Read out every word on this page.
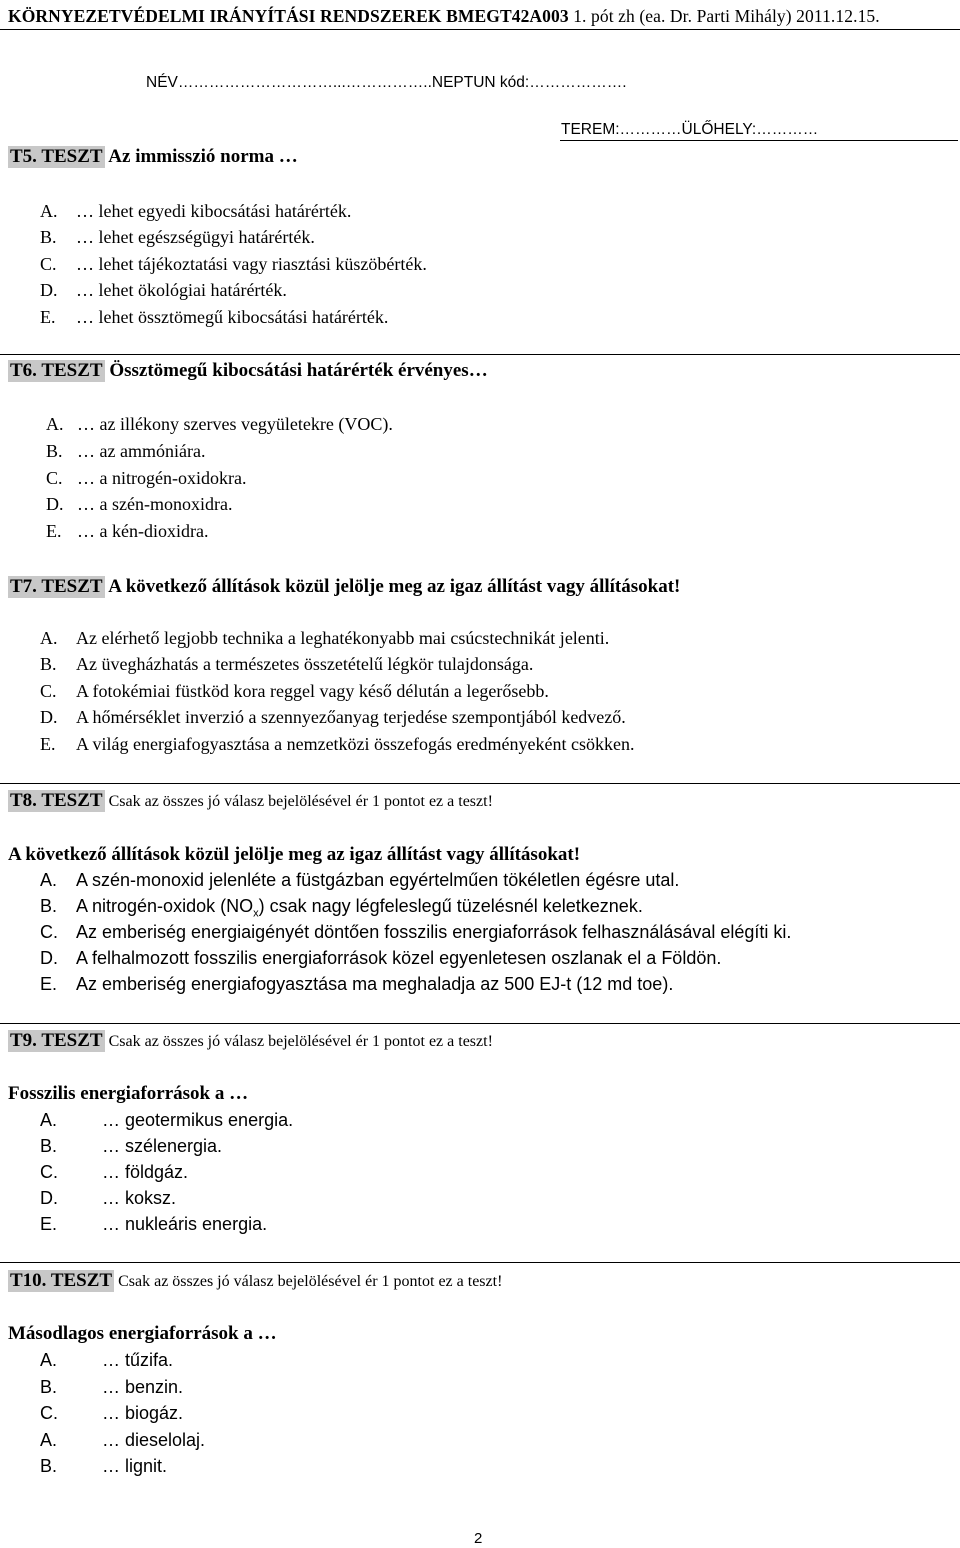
KÖRNYEZETVÉDELMI IRÁNYÍTÁSI RENDSZEREK BMEGT42A003 1. pót zh (ea. Dr. Parti Mihály) 2011.12.15.
NÉV…………………………...……………..NEPTUN kód:……………….
TEREM:…………ÜLŐHELY:…………
T5. TESZT Az immisszió norma …
A. … lehet egyedi kibocsátási határérték.
B. … lehet egészségügyi határérték.
C. … lehet tájékoztatási vagy riasztási küszöbérték.
D. … lehet ökológiai határérték.
E. … lehet össztömegű kibocsátási határérték.
T6. TESZT Össztömegű kibocsátási határérték érvényes…
A. … az illékony szerves vegyületekre (VOC).
B. … az ammóniára.
C. … a nitrogén-oxidokra.
D. … a szén-monoxidra.
E. … a kén-dioxidra.
T7. TESZT A következő állítások közül jelölje meg az igaz állítást vagy állításokat!
A. Az elérhető legjobb technika a leghatékonyabb mai csúcstechnikát jelenti.
B. Az üvegházhatás a természetes összetételű légkör tulajdonsága.
C. A fotokémiai füstköd kora reggel vagy késő délután a legerősebb.
D. A hőmérséklet inverzió a szennyezőanyag terjedése szempontjából kedvező.
E. A világ energiafogyasztása a nemzetközi összefogás eredményeként csökken.
T8. TESZT Csak az összes jó válasz bejelölésével ér 1 pontot ez a teszt!
A következő állítások közül jelölje meg az igaz állítást vagy állításokat!
A. A szén-monoxid jelenléte a füstgázban egyértelműen tökéletlen égésre utal.
B. A nitrogén-oxidok $(NO_x)$ csak nagy légfeleslegű tüzelésnél keletkeznek.
C. Az emberiség energiaigényét döntően fosszilis energiaforrások felhasználásával elégíti ki.
D. A felhalmozott fosszilis energiaforrások közel egyenletesen oszlanak el a Földön.
E. Az emberiség energiafogyasztása ma meghaladja az 500 EJ-t (12 md toe).
T9. TESZT Csak az összes jó válasz bejelölésével ér 1 pontot ez a teszt!
Fosszilis energiaforrások a …
A. … geotermikus energia.
B. … szélenergia.
C. … földgáz.
D. … koksz.
E. … nukleáris energia.
T10. TESZT Csak az összes jó válasz bejelölésével ér 1 pontot ez a teszt!
Másodlagos energiaforrások a …
A. … tűzifa.
B. … benzin.
C. … biogáz.
A. … dieselolaj.
B. … lignit.
2
